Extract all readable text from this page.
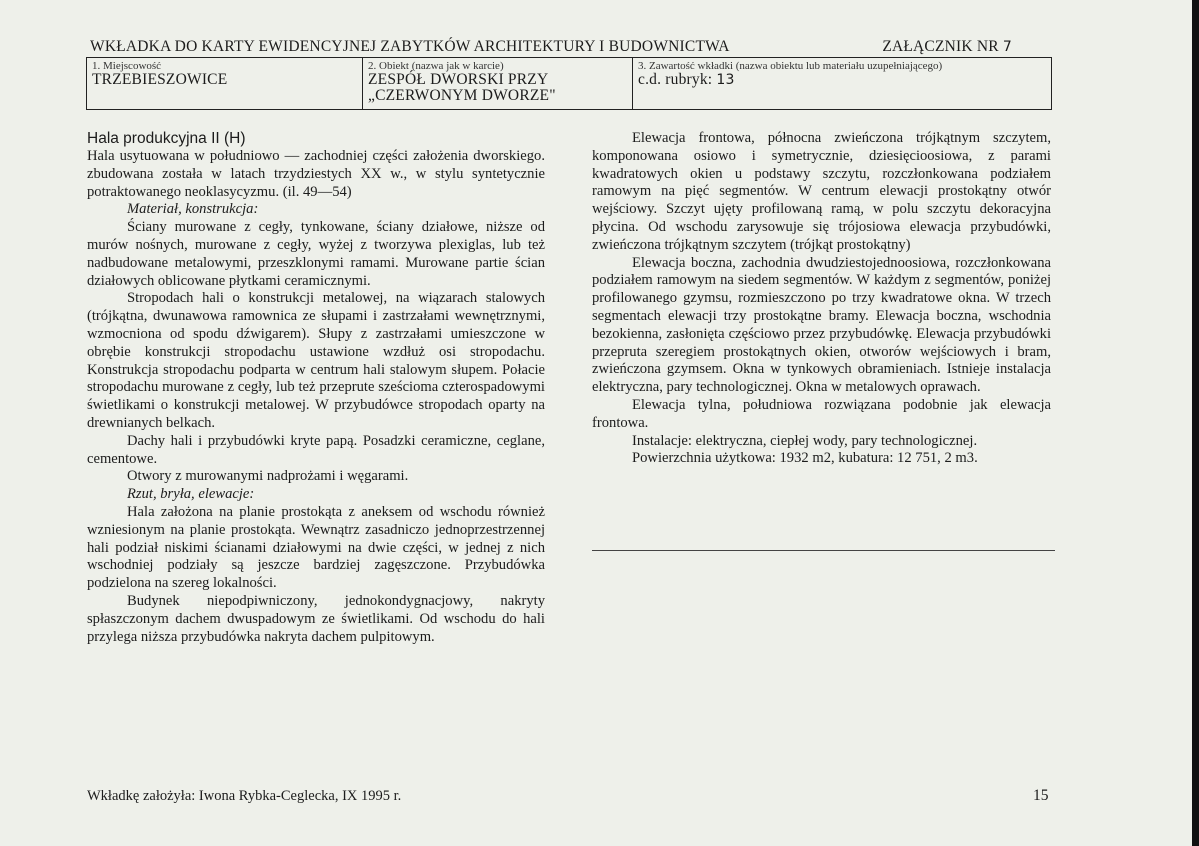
WKŁADKA DO KARTY EWIDENCYJNEJ ZABYTKÓW ARCHITEKTURY I BUDOWNICTWA	ZAŁĄCZNIK NR 7
1. Miejscowość
TRZEBIESZOWICE
2. Obiekt (nazwa jak w karcie)
ZESPÓŁ DWORSKI PRZY
„CZERWONYM DWORZE"
3. Zawartość wkładki (nazwa obiektu lub materiału uzupełniającego)
c.d. rubryk: 13

Hala produkcyjna II (H)

Hala usytuowana w południowo — zachodniej części założenia dworskiego. zbudowana została w latach trzydziestych XX w., w stylu syntetycznie potraktowanego neoklasycyzmu. (il. 49—54)

Materiał, konstrukcja:

Ściany murowane z cegły, tynkowane, ściany działowe, niższe od murów nośnych, murowane z cegły, wyżej z tworzywa plexiglas, lub też nadbudowane metalowymi, przeszklonymi ramami. Murowane partie ścian działowych oblicowane płytkami ceramicznymi.

Stropodach hali o konstrukcji metalowej, na wiązarach stalowych (trójkątna, dwunawowa ramownica ze słupami i zastrzałami wewnętrznymi, wzmocniona od spodu dźwigarem). Słupy z zastrzałami umieszczone w obrębie konstrukcji stropodachu ustawione wzdłuż osi stropodachu. Konstrukcja stropodachu podparta w centrum hali stalowym słupem. Połacie stropodachu murowane z cegły, lub też przeprute sześcioma czterospadowymi świetlikami o konstrukcji metalowej. W przybudówce stropodach oparty na drewnianych belkach.

Dachy hali i przybudówki kryte papą. Posadzki ceramiczne, ceglane, cementowe.

Otwory z murowanymi nadprożami i węgarami.

Rzut, bryła, elewacje:

Hala założona na planie prostokąta z aneksem od wschodu również wzniesionym na planie prostokąta. Wewnątrz zasadniczo jednoprzestrzennej hali podział niskimi ścianami działowymi na dwie części, w jednej z nich wschodniej podziały są jeszcze bardziej zagęszczone. Przybudówka podzielona na szereg lokalności.

Budynek niepodpiwniczony, jednokondygnacjowy, nakryty spłaszczonym dachem dwuspadowym ze świetlikami. Od wschodu do hali przylega niższa przybudówka nakryta dachem pulpitowym.

Elewacja frontowa, północna zwieńczona trójkątnym szczytem, komponowana osiowo i symetrycznie, dziesięcioosiowa, z parami kwadratowych okien u podstawy szczytu, rozczłonkowana podziałem ramowym na pięć segmentów. W centrum elewacji prostokątny otwór wejściowy. Szczyt ujęty profilowaną ramą, w polu szczytu dekoracyjna płycina. Od wschodu zarysowuje się trójosiowa elewacja przybudówki, zwieńczona trójkątnym szczytem (trójkąt prostokątny)

Elewacja boczna, zachodnia dwudziestojednoosiowa, rozczłonkowana podziałem ramowym na siedem segmentów. W każdym z segmentów, poniżej profilowanego gzymsu, rozmieszczono po trzy kwadratowe okna. W trzech segmentach elewacji trzy prostokątne bramy. Elewacja boczna, wschodnia bezokienna, zasłonięta częściowo przez przybudówkę. Elewacja przybudówki przepruta szeregiem prostokątnych okien, otworów wejściowych i bram, zwieńczona gzymsem. Okna w tynkowych obramieniach. Istnieje instalacja elektryczna, pary technologicznej. Okna w metalowych oprawach.

Elewacja tylna, południowa rozwiązana podobnie jak elewacja frontowa.

Instalacje: elektryczna, ciepłej wody, pary technologicznej.

Powierzchnia użytkowa: 1932 m2, kubatura: 12 751, 2 m3.

Wkładkę założyła: Iwona Rybka-Ceglecka, IX 1995 r.	15
